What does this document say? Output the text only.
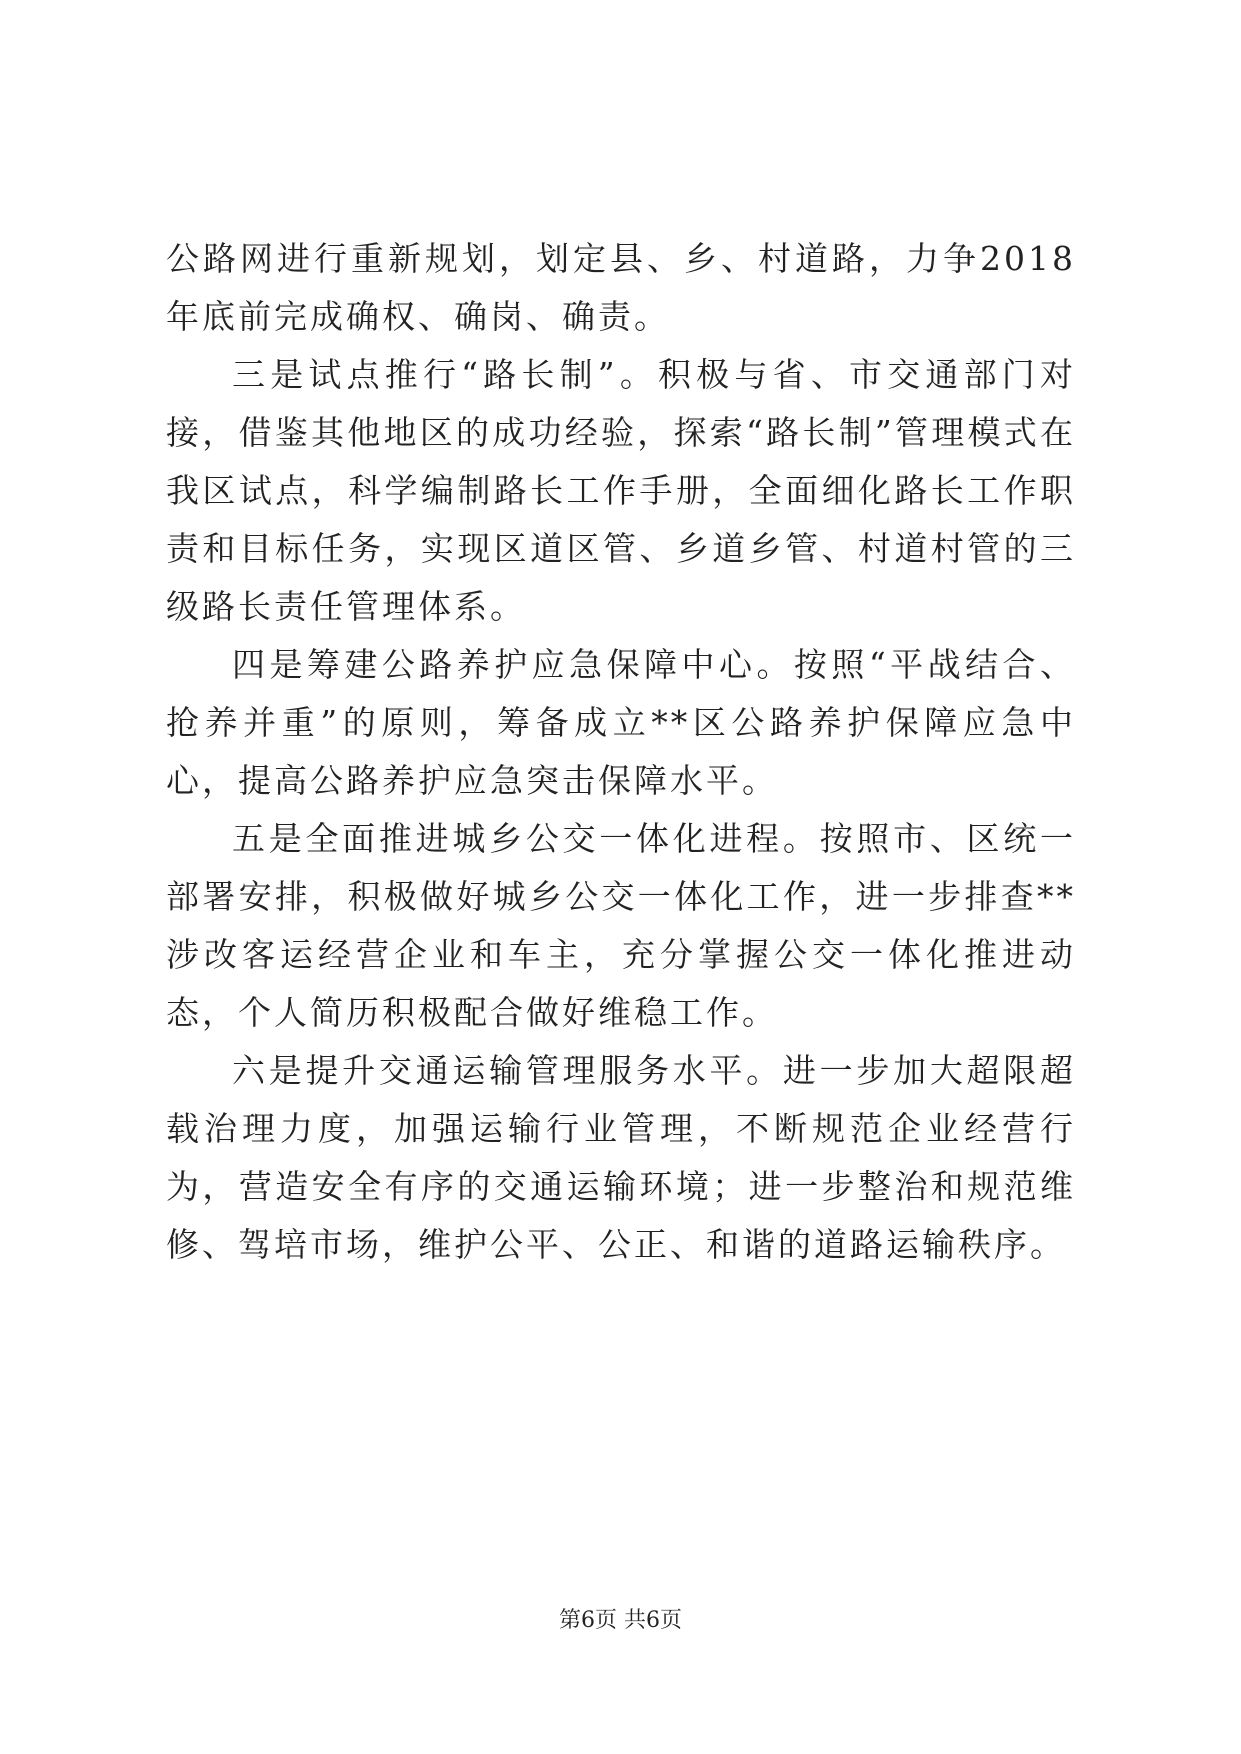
公路网进行重新规划，划定县、乡、村道路，力争2018年底前完成确权、确岗、确责。

三是试点推行“路长制”。积极与省、市交通部门对接，借鉴其他地区的成功经验，探索“路长制”管理模式在我区试点，科学编制路长工作手册，全面细化路长工作职责和目标任务，实现区道区管、乡道乡管、村道村管的三级路长责任管理体系。

四是筹建公路养护应急保障中心。按照“平战结合、抢养并重”的原则，筹备成立**区公路养护保障应急中心，提高公路养护应急突击保障水平。

五是全面推进城乡公交一体化进程。按照市、区统一部署安排，积极做好城乡公交一体化工作，进一步排查**涉改客运经营企业和车主，充分掌握公交一体化推进动态，个人简历积极配合做好维稳工作。

六是提升交通运输管理服务水平。进一步加大超限超载治理力度，加强运输行业管理，不断规范企业经营行为，营造安全有序的交通运输环境；进一步整治和规范维修、驾培市场，维护公平、公正、和谐的道路运输秩序。

第6页 共6页
